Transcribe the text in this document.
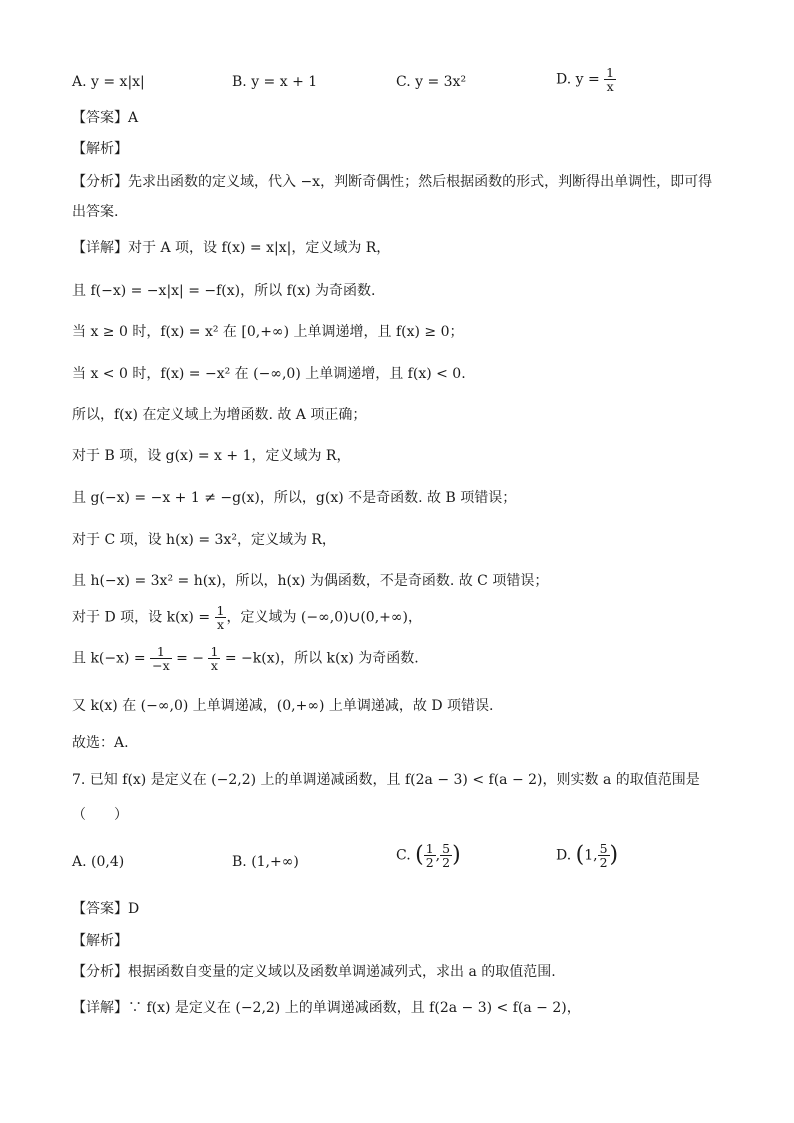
A. y = x|x|	B. y = x + 1	C. y = 3x²	D. $y = \frac{1}{x}$
【答案】A
【解析】
【分析】先求出函数的定义域，代入 −x，判断奇偶性；然后根据函数的形式，判断得出单调性，即可得
出答案.
【详解】对于 A 项，设 f(x) = x|x|，定义域为 R，
且 f(−x) = −x|x| = −f(x)，所以 f(x) 为奇函数.
当 x ≥ 0 时，f(x) = x² 在 [0,+∞) 上单调递增，且 f(x) ≥ 0；
当 x < 0 时，f(x) = −x² 在 (−∞,0) 上单调递增，且 f(x) < 0.
所以，f(x) 在定义域上为增函数. 故 A 项正确；
对于 B 项，设 g(x) = x + 1，定义域为 R，
且 g(−x) = −x + 1 ≠ −g(x)，所以，g(x) 不是奇函数. 故 B 项错误；
对于 C 项，设 h(x) = 3x²，定义域为 R，
且 h(−x) = 3x² = h(x)，所以，h(x) 为偶函数，不是奇函数. 故 C 项错误；
对于 D 项，设 $k(x) = \frac{1}{x}$ ，定义域为 (−∞,0)∪(0,+∞)，
且 $k(-x) = \frac{1}{-x}$ = − $\frac{1}{x} = -k(x)$，所以 k(x) 为奇函数.
又 k(x) 在 (−∞,0) 上单调递减，(0,+∞) 上单调递减，故 D 项错误.
故选：A.
7. 已知 f(x) 是定义在 (−2,2) 上的单调递减函数，且 f(2a − 3) < f(a − 2)，则实数 a 的取值范围是
（　　）
A. (0,4)	B. (1,+∞)	C. ( $\frac{1}{2}$ , $\frac{5}{2}$ )	D. (1, $\frac{5}{2}$ )
【答案】D
【解析】
【分析】根据函数自变量的定义域以及函数单调递减列式，求出 a 的取值范围.
【详解】∵ f(x) 是定义在 (−2,2) 上的单调递减函数，且 f(2a − 3) < f(a − 2)，
